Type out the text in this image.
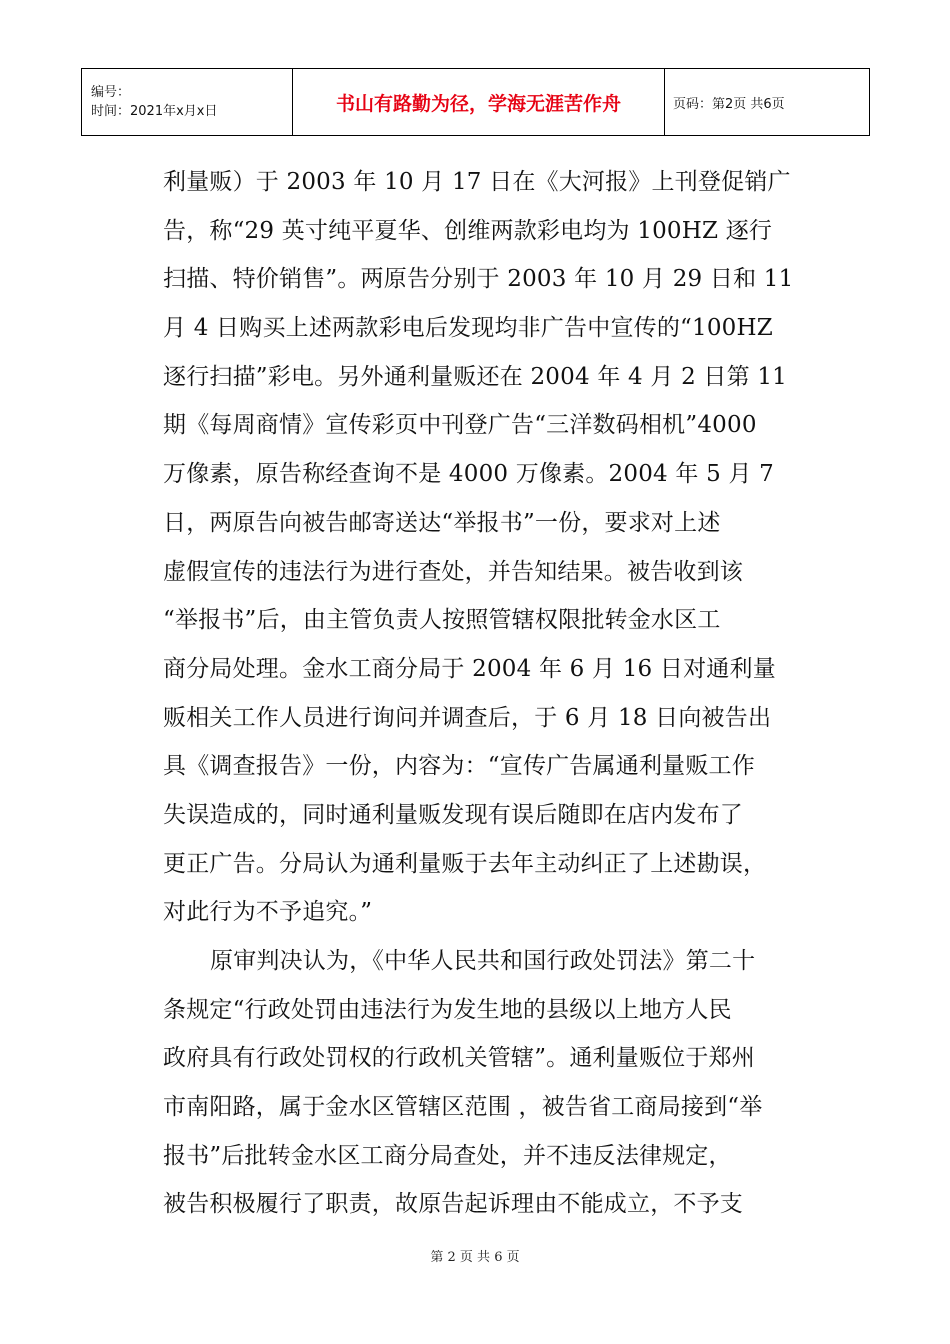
编号：
时间：2021年x月x日	书山有路勤为径，学海无涯苦作舟	页码：第2页 共6页
利量贩）于 2003 年 10 月 17 日在《大河报》上刊登促销广
告，称“29 英寸纯平夏华、创维两款彩电均为 100HZ 逐行
扫描、特价销售”。两原告分别于 2003 年 10 月 29 日和 11
月 4 日购买上述两款彩电后发现均非广告中宣传的“100HZ
逐行扫描”彩电。另外通利量贩还在 2004 年 4 月 2 日第 11
期《每周商情》宣传彩页中刊登广告“三洋数码相机”4000
万像素，原告称经查询不是 4000 万像素。2004 年 5 月 7
日，两原告向被告邮寄送达“举报书”一份，要求对上述
虚假宣传的违法行为进行查处，并告知结果。被告收到该
“举报书”后，由主管负责人按照管辖权限批转金水区工
商分局处理。金水工商分局于 2004 年 6 月 16 日对通利量
贩相关工作人员进行询问并调查后，于 6 月 18 日向被告出
具《调查报告》一份，内容为：“宣传广告属通利量贩工作
失误造成的，同时通利量贩发现有误后随即在店内发布了
更正广告。分局认为通利量贩于去年主动纠正了上述勘误，
对此行为不予追究。”
原审判决认为，《中华人民共和国行政处罚法》第二十
条规定“行政处罚由违法行为发生地的县级以上地方人民
政府具有行政处罚权的行政机关管辖”。通利量贩位于郑州
市南阳路，属于金水区管辖区范围 ，被告省工商局接到“举
报书”后批转金水区工商分局查处，并不违反法律规定，
被告积极履行了职责，故原告起诉理由不能成立，不予支
第 2 页 共 6 页
